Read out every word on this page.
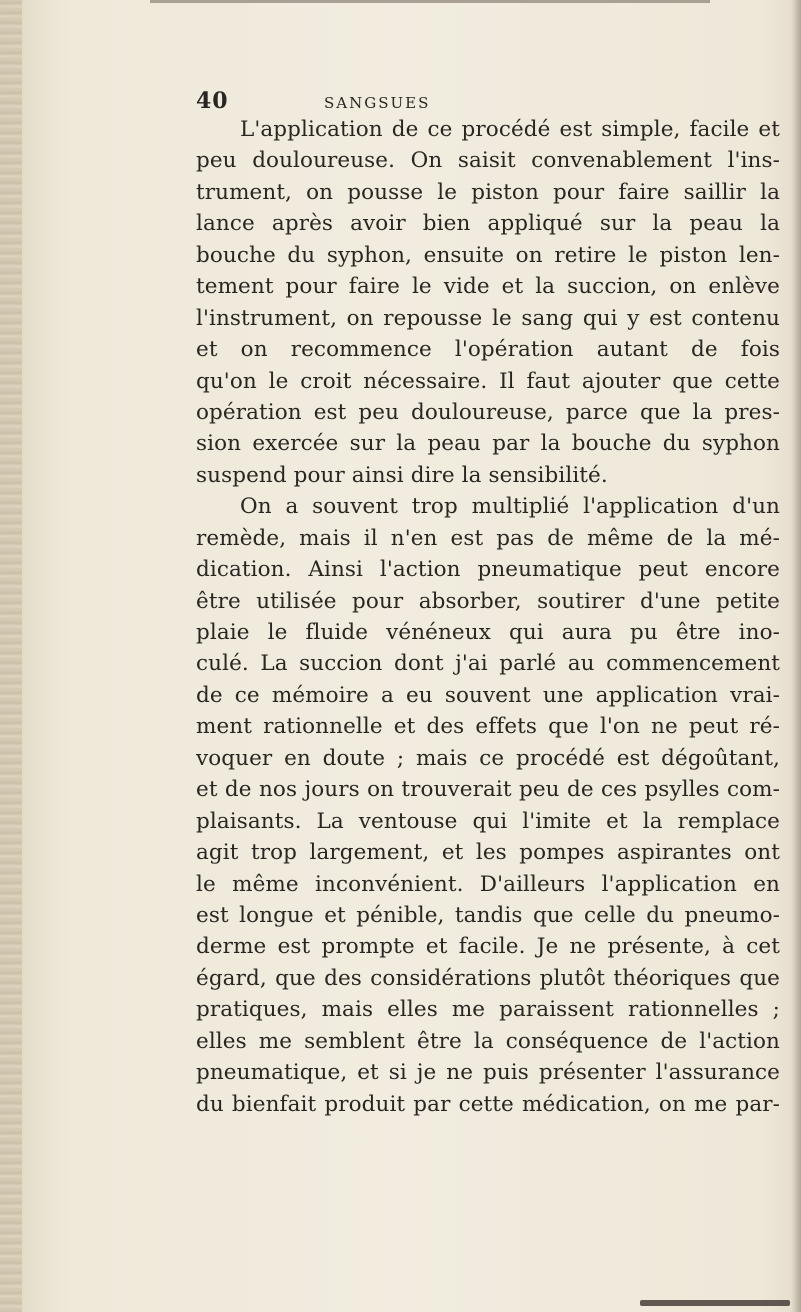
40	SANGSUES
L'application de ce procédé est simple, facile et
peu douloureuse. On saisit convenablement l'ins-
trument, on pousse le piston pour faire saillir la
lance après avoir bien appliqué sur la peau la
bouche du syphon, ensuite on retire le piston len-
tement pour faire le vide et la succion, on enlève
l'instrument, on repousse le sang qui y est contenu
et on recommence l'opération autant de fois
qu'on le croit nécessaire. Il faut ajouter que cette
opération est peu douloureuse, parce que la pres-
sion exercée sur la peau par la bouche du syphon
suspend pour ainsi dire la sensibilité.
On a souvent trop multiplié l'application d'un
remède, mais il n'en est pas de même de la mé-
dication. Ainsi l'action pneumatique peut encore
être utilisée pour absorber, soutirer d'une petite
plaie le fluide vénéneux qui aura pu être ino-
culé. La succion dont j'ai parlé au commencement
de ce mémoire a eu souvent une application vrai-
ment rationnelle et des effets que l'on ne peut ré-
voquer en doute ; mais ce procédé est dégoûtant,
et de nos jours on trouverait peu de ces psylles com-
plaisants. La ventouse qui l'imite et la remplace
agit trop largement, et les pompes aspirantes ont
le même inconvénient. D'ailleurs l'application en
est longue et pénible, tandis que celle du pneumo-
derme est prompte et facile. Je ne présente, à cet
égard, que des considérations plutôt théoriques que
pratiques, mais elles me paraissent rationnelles ;
elles me semblent être la conséquence de l'action
pneumatique, et si je ne puis présenter l'assurance
du bienfait produit par cette médication, on me par-
